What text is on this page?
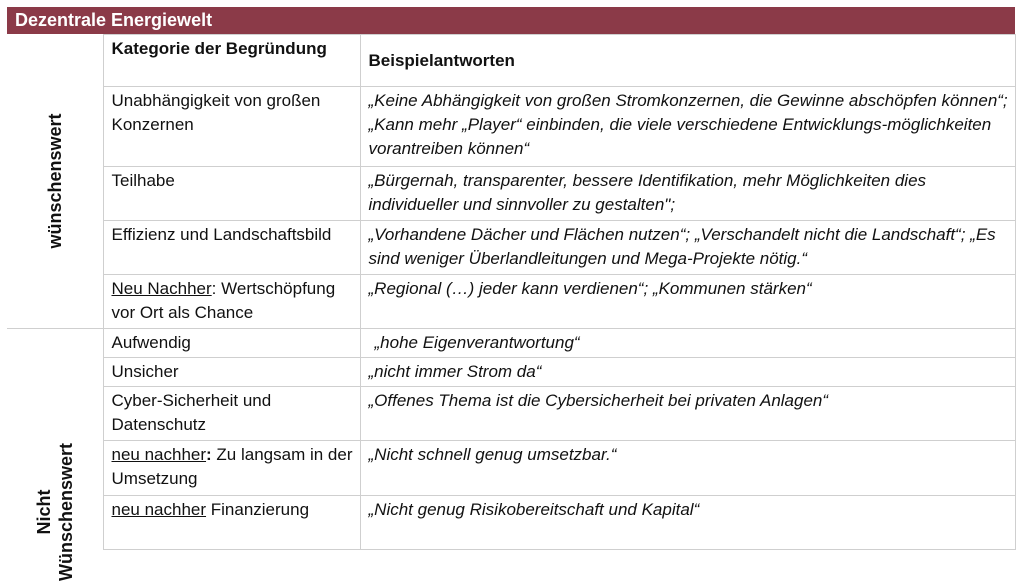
Dezentrale Energiewelt
wünschenswert	Kategorie der Begründung	Beispielantworten
	Unabhängigkeit von großen Konzernen	„Keine Abhängigkeit von großen Stromkonzernen, die Gewinne abschöpfen können“; „Kann mehr „Player“ einbinden, die viele verschiedene Entwicklungs-möglichkeiten vorantreiben können“
	Teilhabe	„Bürgernah, transparenter, bessere Identifikation, mehr Möglichkeiten dies individueller und sinnvoller zu gestalten";
	Effizienz und Landschaftsbild	„Vorhandene Dächer und Flächen nutzen“; „Verschandelt nicht die Landschaft“; „Es sind weniger Überlandleitungen und Mega-Projekte nötig.“
	Neu Nachher: Wertschöpfung vor Ort als Chance	„Regional (…) jeder kann verdienen“; „Kommunen stärken“

Nicht Wünschenswert	Aufwendig	„hohe Eigenverantwortung“
	Unsicher	„nicht immer Strom da“
	Cyber-Sicherheit und Datenschutz	„Offenes Thema ist die Cybersicherheit bei privaten Anlagen“
	neu nachher: Zu langsam in der Umsetzung	„Nicht schnell genug umsetzbar.“
	neu nachher Finanzierung	„Nicht genug Risikobereitschaft und Kapital“
